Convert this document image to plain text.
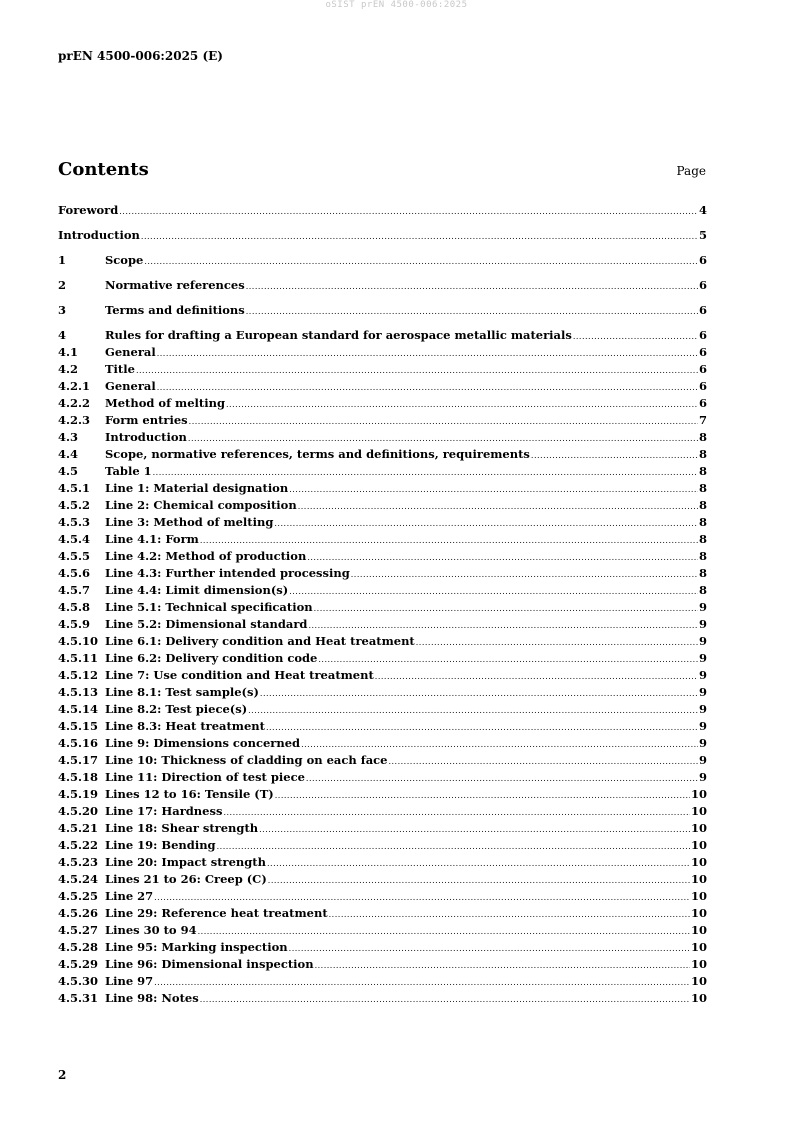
oSIST prEN 4500-006:2025
prEN 4500-006:2025 (E)
Contents	Page
Foreword .....	4
Introduction .....	5
1	Scope .....	6
2	Normative references .....	6
3	Terms and definitions .....	6
4	Rules for drafting a European standard for aerospace metallic materials .....	6
4.1	General .....	6
4.2	Title .....	6
4.2.1	General .....	6
4.2.2	Method of melting .....	6
4.2.3	Form entries .....	7
4.3	Introduction .....	8
4.4	Scope, normative references, terms and definitions, requirements .....	8
4.5	Table 1 .....	8
4.5.1	Line 1: Material designation .....	8
4.5.2	Line 2: Chemical composition .....	8
4.5.3	Line 3: Method of melting .....	8
4.5.4	Line 4.1: Form .....	8
4.5.5	Line 4.2: Method of production .....	8
4.5.6	Line 4.3: Further intended processing .....	8
4.5.7	Line 4.4: Limit dimension(s) .....	8
4.5.8	Line 5.1: Technical specification .....	9
4.5.9	Line 5.2: Dimensional standard .....	9
4.5.10 Line 6.1: Delivery condition and Heat treatment .....	9
4.5.11 Line 6.2: Delivery condition code .....	9
4.5.12 Line 7: Use condition and Heat treatment .....	9
4.5.13 Line 8.1: Test sample(s) .....	9
4.5.14 Line 8.2: Test piece(s) .....	9
4.5.15 Line 8.3: Heat treatment .....	9
4.5.16 Line 9: Dimensions concerned .....	9
4.5.17 Line 10: Thickness of cladding on each face .....	9
4.5.18 Line 11: Direction of test piece .....	9
4.5.19 Lines 12 to 16: Tensile (T) .....	10
4.5.20 Line 17: Hardness .....	10
4.5.21 Line 18: Shear strength .....	10
4.5.22 Line 19: Bending .....	10
4.5.23 Line 20: Impact strength .....	10
4.5.24 Lines 21 to 26: Creep (C) .....	10
4.5.25 Line 27 .....	10
4.5.26 Line 29: Reference heat treatment .....	10
4.5.27 Lines 30 to 94 .....	10
4.5.28 Line 95: Marking inspection .....	10
4.5.29 Line 96: Dimensional inspection .....	10
4.5.30 Line 97 .....	10
4.5.31 Line 98: Notes .....	10
2
